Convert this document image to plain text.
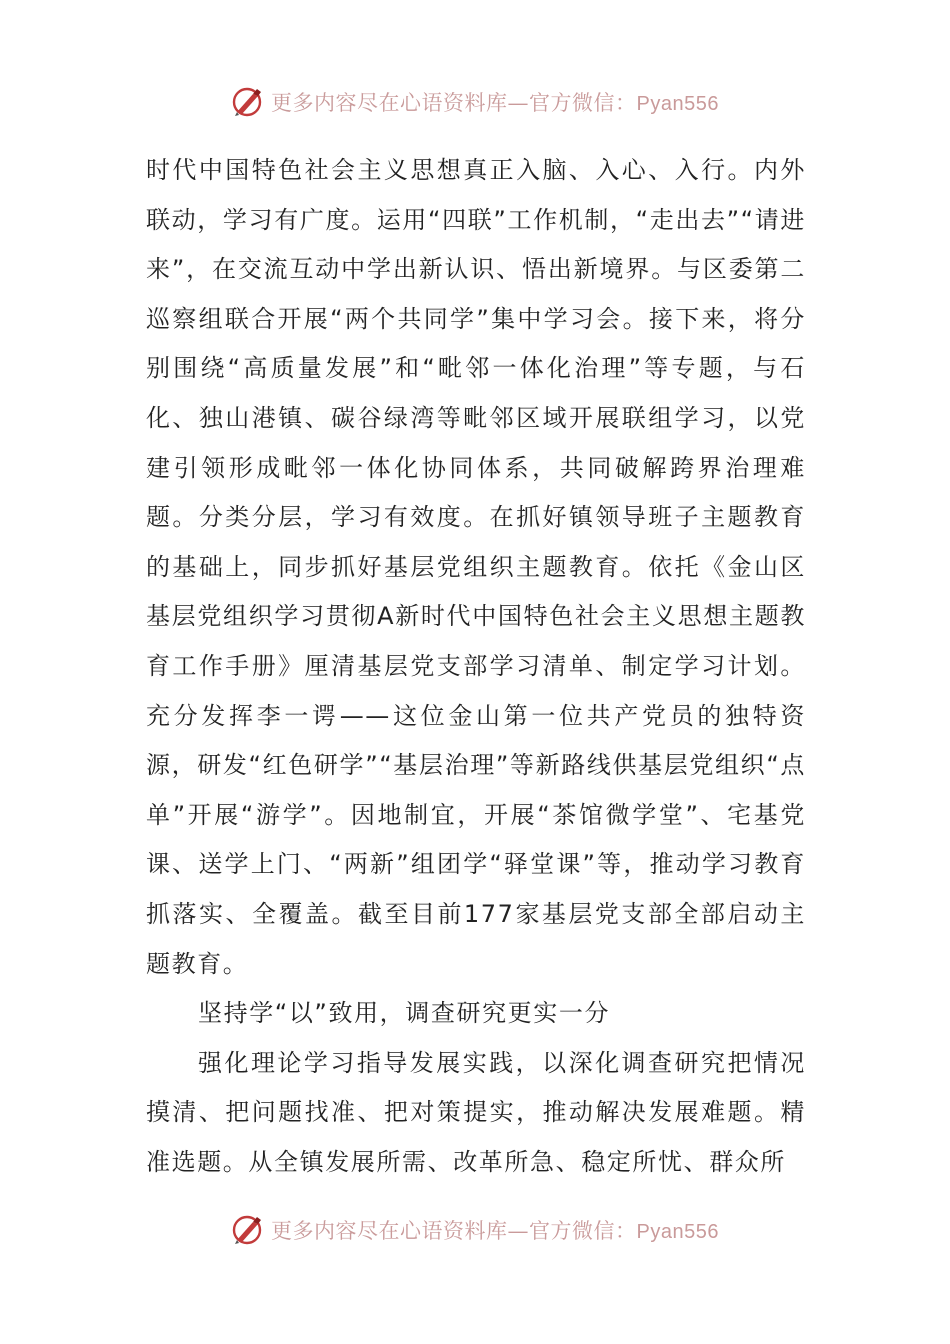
更多内容尽在心语资料库—官方微信：Pyan556

时代中国特色社会主义思想真正入脑、入心、入行。内外联动，学习有广度。运用“四联”工作机制，“走出去”“请进来”，在交流互动中学出新认识、悟出新境界。与区委第二巡察组联合开展“两个共同学”集中学习会。接下来，将分别围绕“高质量发展”和“毗邻一体化治理”等专题，与石化、独山港镇、碳谷绿湾等毗邻区域开展联组学习，以党建引领形成毗邻一体化协同体系，共同破解跨界治理难题。分类分层，学习有效度。在抓好镇领导班子主题教育的基础上，同步抓好基层党组织主题教育。依托《金山区基层党组织学习贯彻A新时代中国特色社会主义思想主题教育工作手册》厘清基层党支部学习清单、制定学习计划。充分发挥李一谔——这位金山第一位共产党员的独特资源，研发“红色研学”“基层治理”等新路线供基层党组织“点单”开展“游学”。因地制宜，开展“茶馆微学堂”、宅基党课、送学上门、“两新”组团学“驿堂课”等，推动学习教育抓落实、全覆盖。截至目前177家基层党支部全部启动主题教育。

坚持学“以”致用，调查研究更实一分

强化理论学习指导发展实践，以深化调查研究把情况摸清、把问题找准、把对策提实，推动解决发展难题。精准选题。从全镇发展所需、改革所急、稳定所忧、群众所

更多内容尽在心语资料库—官方微信：Pyan556
